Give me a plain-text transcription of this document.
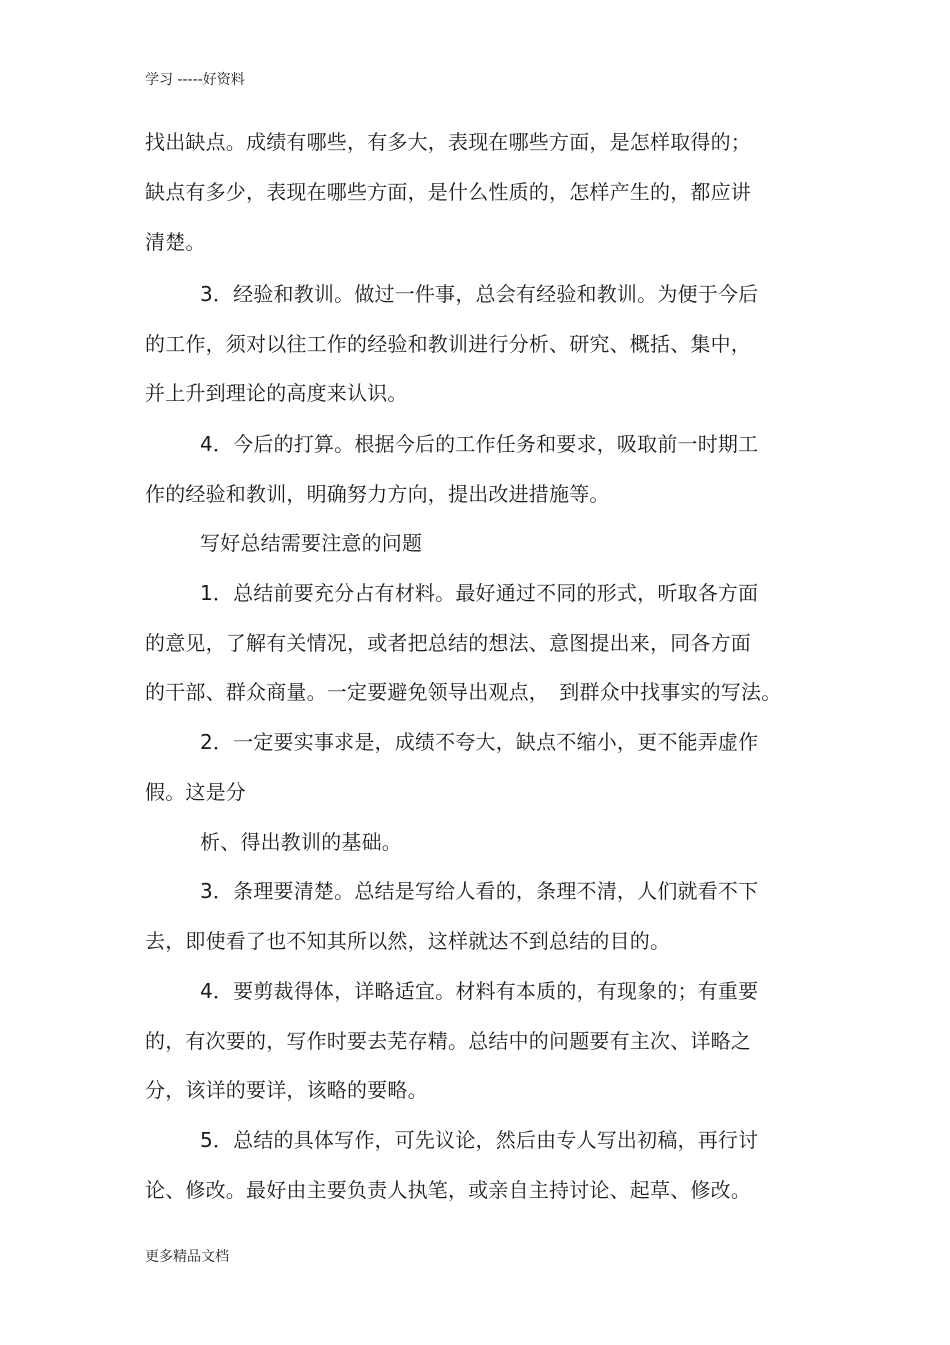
学习 -----好资料
找出缺点。成绩有哪些，有多大，表现在哪些方面，是怎样取得的；
缺点有多少，表现在哪些方面，是什么性质的，怎样产生的，都应讲
清楚。
3．经验和教训。做过一件事，总会有经验和教训。为便于今后
的工作，须对以往工作的经验和教训进行分析、研究、概括、集中，
并上升到理论的高度来认识。
4．今后的打算。根据今后的工作任务和要求，吸取前一时期工
作的经验和教训，明确努力方向，提出改进措施等。
写好总结需要注意的问题
1．总结前要充分占有材料。最好通过不同的形式，听取各方面
的意见，了解有关情况，或者把总结的想法、意图提出来，同各方面
的干部、群众商量。一定要避免领导出观点，　到群众中找事实的写法。
2．一定要实事求是，成绩不夸大，缺点不缩小，更不能弄虚作
假。这是分
析、得出教训的基础。
3．条理要清楚。总结是写给人看的，条理不清，人们就看不下
去，即使看了也不知其所以然，这样就达不到总结的目的。
4．要剪裁得体，详略适宜。材料有本质的，有现象的；有重要
的，有次要的，写作时要去芜存精。总结中的问题要有主次、详略之
分，该详的要详，该略的要略。
5．总结的具体写作，可先议论，然后由专人写出初稿，再行讨
论、修改。最好由主要负责人执笔，或亲自主持讨论、起草、修改。
更多精品文档
